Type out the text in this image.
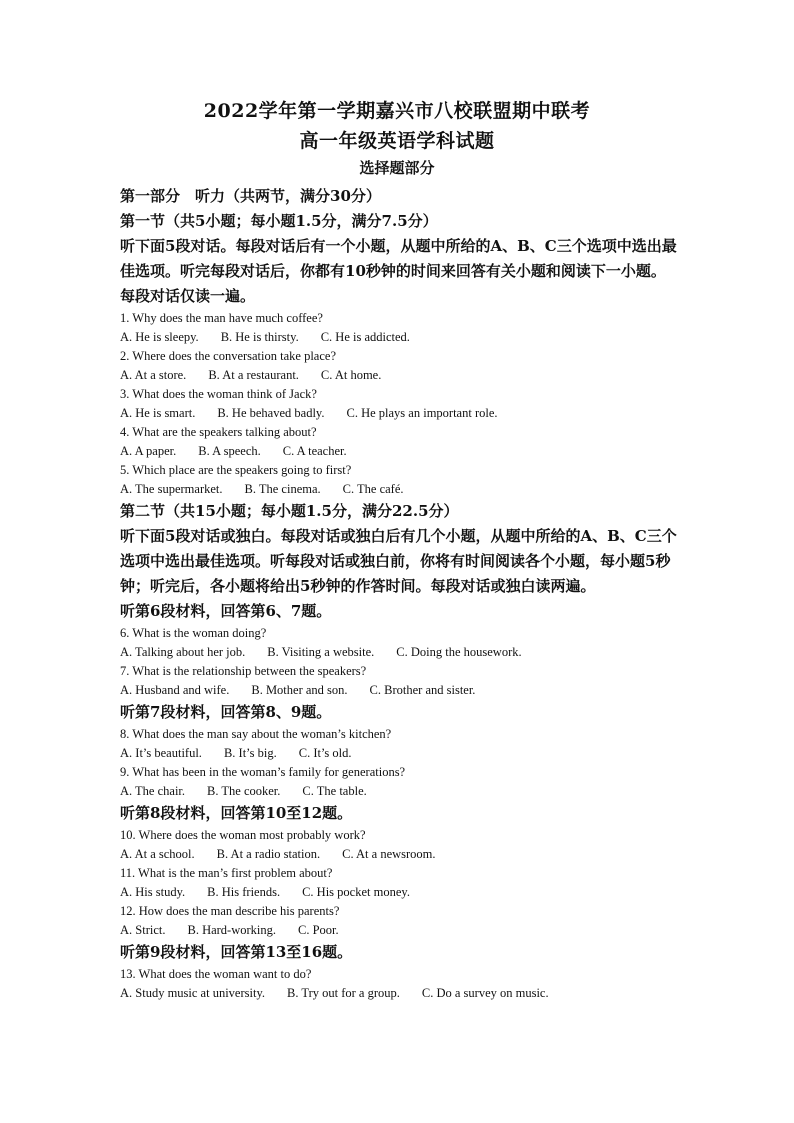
2022学年第一学期嘉兴市八校联盟期中联考
高一年级英语学科试题
选择题部分
第一部分　听力（共两节，满分30分）
第一节（共5小题；每小题1.5分，满分7.5分）
听下面5段对话。每段对话后有一个小题，从题中所给的A、B、C三个选项中选出最佳选项。听完每段对话后，你都有10秒钟的时间来回答有关小题和阅读下一小题。每段对话仅读一遍。
1. Why does the man have much coffee?
A. He is sleepy. B. He is thirsty. C. He is addicted.
2. Where does the conversation take place?
A. At a store. B. At a restaurant. C. At home.
3. What does the woman think of Jack?
A. He is smart. B. He behaved badly. C. He plays an important role.
4. What are the speakers talking about?
A. A paper. B. A speech. C. A teacher.
5. Which place are the speakers going to first?
A. The supermarket. B. The cinema. C. The café.
第二节（共15小题；每小题1.5分，满分22.5分）
听下面5段对话或独白。每段对话或独白后有几个小题，从题中所给的A、B、C三个选项中选出最佳选项。听每段对话或独白前，你将有时间阅读各个小题，每小题5秒钟；听完后，各小题将给出5秒钟的作答时间。每段对话或独白读两遍。
听第6段材料，回答第6、7题。
6. What is the woman doing?
A. Talking about her job. B. Visiting a website. C. Doing the housework.
7. What is the relationship between the speakers?
A. Husband and wife. B. Mother and son. C. Brother and sister.
听第7段材料，回答第8、9题。
8. What does the man say about the woman’s kitchen?
A. It’s beautiful. B. It’s big. C. It’s old.
9. What has been in the woman’s family for generations?
A. The chair. B. The cooker. C. The table.
听第8段材料，回答第10至12题。
10. Where does the woman most probably work?
A. At a school. B. At a radio station. C. At a newsroom.
11. What is the man’s first problem about?
A. His study. B. His friends. C. His pocket money.
12. How does the man describe his parents?
A. Strict. B. Hard-working. C. Poor.
听第9段材料，回答第13至16题。
13. What does the woman want to do?
A. Study music at university. B. Try out for a group. C. Do a survey on music.
